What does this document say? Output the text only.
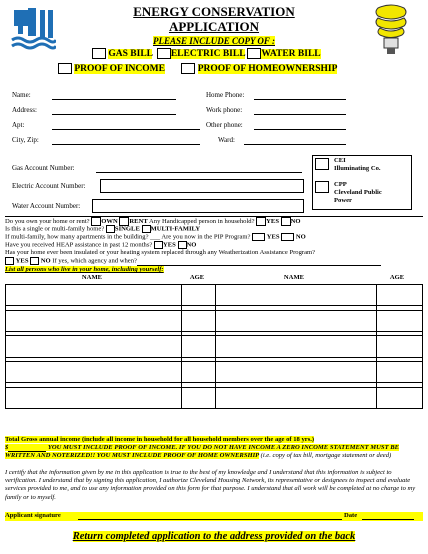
ENERGY CONSERVATION
APPLICATION
PLEASE INCLUDE COPY OF :
GAS BILL ELECTRIC BILL WATER BILL
PROOF OF INCOME	PROOF OF HOMEOWNERSHIP
Name:
Address:
Apt:
City, Zip:
Home Phone:
Work phone:
Other phone:
Ward:
Gas Account Number:
Electric Account Number:
Water Account Number:
CEI
Illuminating Co.
CPP
Cleveland Public
Power
Do you own your home or rent? OWN RENT Any Handicapped person in household? YES NO
Is this a single or multi-family home? SINGLE MULTI-FAMILY
If multi-family, how many apartments in the building? ___ Are you now in the PIP Program? YES NO
Have you received HEAP assistance in past 12 months? YES NO
Has your home ever been insulated or your heating system replaced through any Weatherization Assistance Program?
YES NO If yes, which agency and when?
List all persons who live in your home, including yourself:
NAME	AGE	NAME	AGE

Total Gross annual income (include all income in household for all household members over the age of 18 yrs.)
$	YOU MUST INCLUDE PROOF OF INCOME. IF YOU DO NOT HAVE INCOME A ZERO INCOME STATEMENT MUST BE WRITTEN AND NOTERIZED!! YOU MUST INCLUDE PROOF OF HOME OWNERSHIP (i.e. copy of tax bill, mortgage statement or deed)
I certify that the information given by me in this application is true to the best of my knowledge and I understand that this information is subject to verification. I understand that by signing this application, I authorize Cleveland Housing Network, its representative or designees to inspect and evaluate services provided to me, and to use any information provided on this form for that purpose. I understand that all work will be completed at no charge to my family or to myself.
Applicant signature	Date
Return completed application to the address provided on the back
